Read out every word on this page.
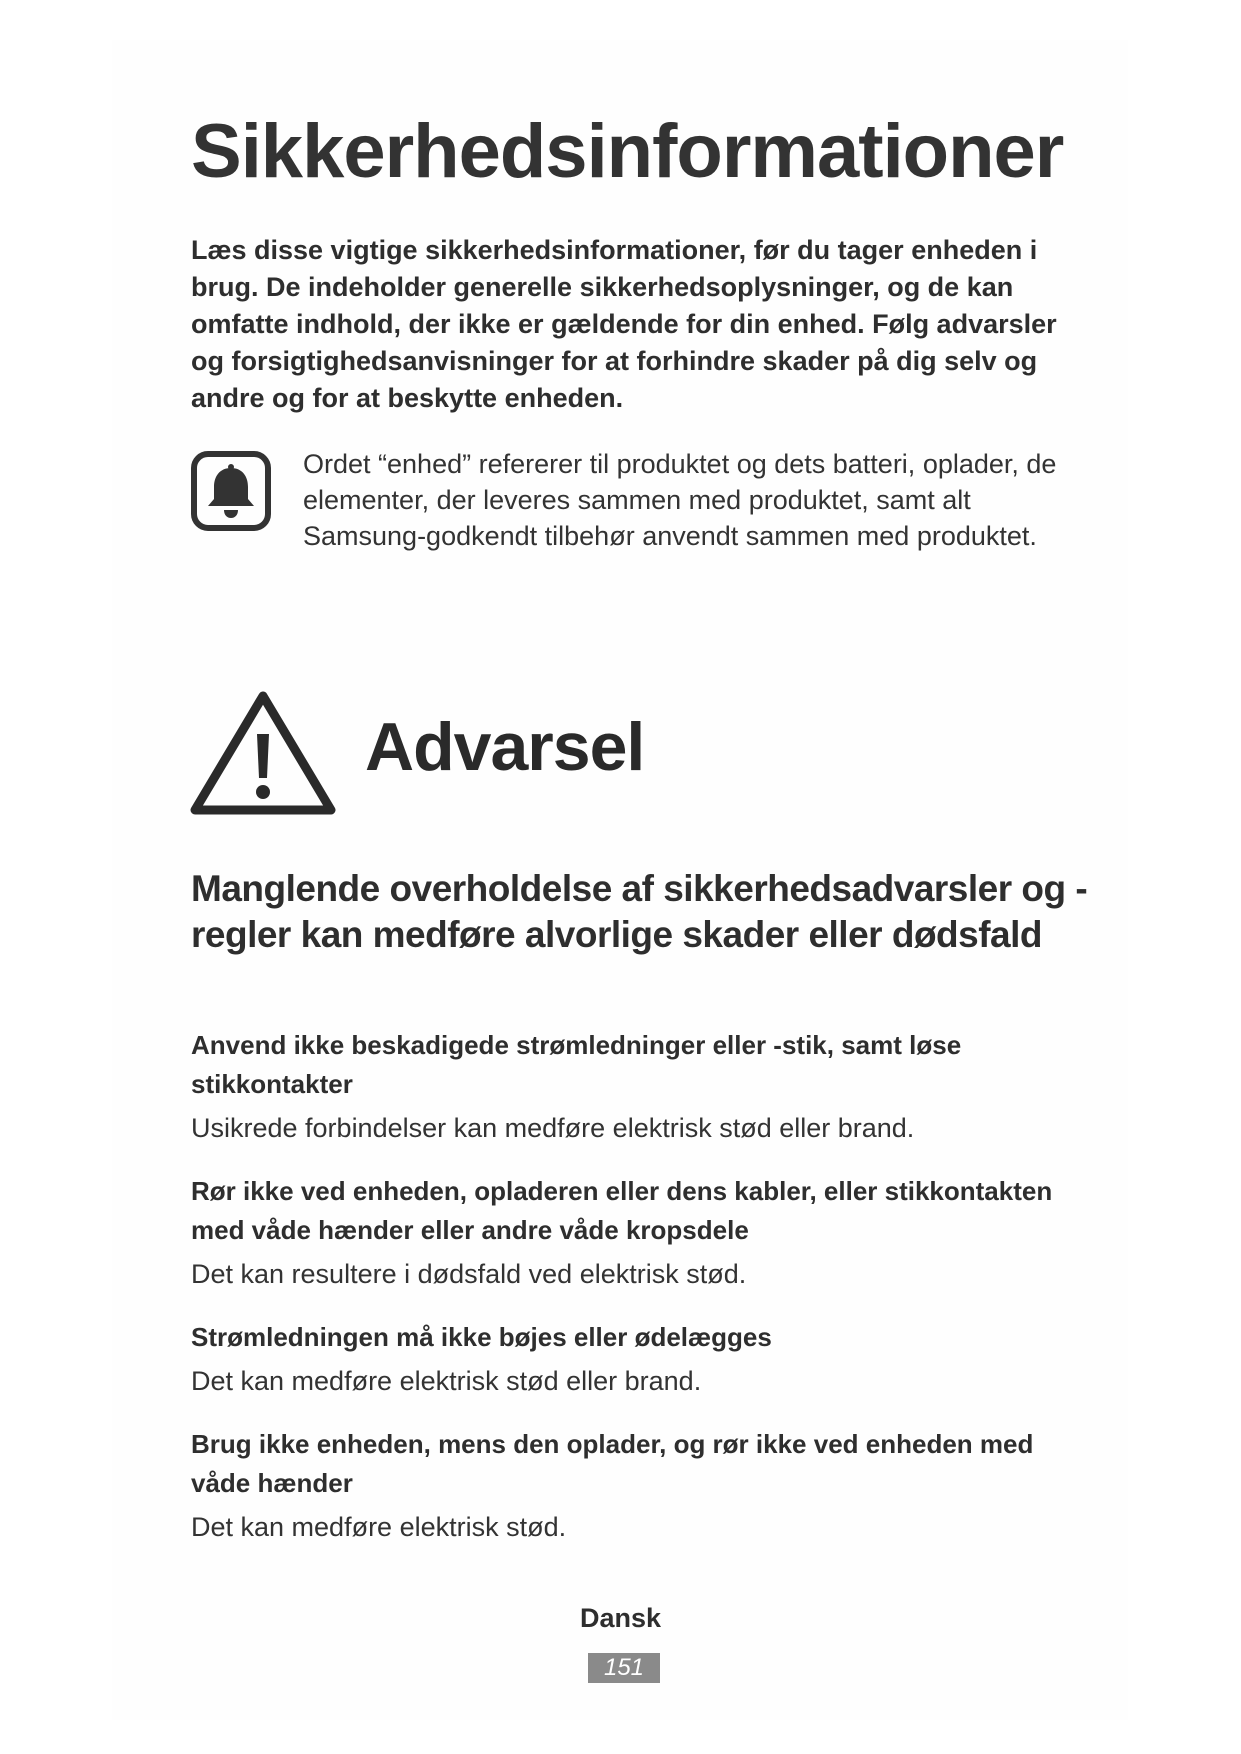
Sikkerhedsinformationer

Læs disse vigtige sikkerhedsinformationer, før du tager enheden i brug. De indeholder generelle sikkerhedsoplysninger, og de kan omfatte indhold, der ikke er gældende for din enhed. Følg advarsler og forsigtighedsanvisninger for at forhindre skader på dig selv og andre og for at beskytte enheden.

Ordet “enhed” refererer til produktet og dets batteri, oplader, de elementer, der leveres sammen med produktet, samt alt Samsung-godkendt tilbehør anvendt sammen med produktet.

Advarsel
Manglende overholdelse af sikkerhedsadvarsler og -regler kan medføre alvorlige skader eller dødsfald
Anvend ikke beskadigede strømledninger eller -stik, samt løse stikkontakter

Usikrede forbindelser kan medføre elektrisk stød eller brand.

Rør ikke ved enheden, opladeren eller dens kabler, eller stikkontakten med våde hænder eller andre våde kropsdele

Det kan resultere i dødsfald ved elektrisk stød.

Strømledningen må ikke bøjes eller ødelægges

Det kan medføre elektrisk stød eller brand.

Brug ikke enheden, mens den oplader, og rør ikke ved enheden med våde hænder

Det kan medføre elektrisk stød.

Dansk

151
